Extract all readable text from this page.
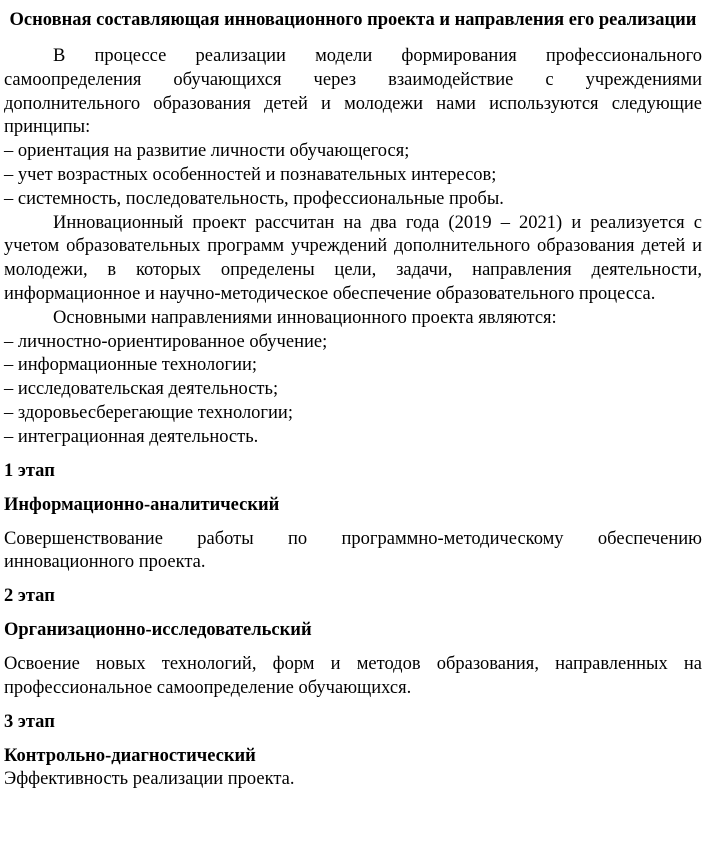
Основная составляющая инновационного проекта и направления его реализации

В процессе реализации модели формирования профессионального самоопределения обучающихся через взаимодействие с учреждениями дополнительного образования детей и молодежи нами используются следующие принципы:

– ориентация на развитие личности обучающегося;

– учет возрастных особенностей и познавательных интересов;

– системность, последовательность, профессиональные пробы.

Инновационный проект рассчитан на два года (2019 – 2021) и реализуется с учетом образовательных программ учреждений дополнительного образования детей и молодежи, в которых определены цели, задачи, направления деятельности, информационное и научно-методическое обеспечение образовательного процесса.

Основными направлениями инновационного проекта являются:

– личностно-ориентированное обучение;

– информационные технологии;

– исследовательская деятельность;

– здоровьесберегающие технологии;

– интеграционная деятельность.

1 этап

Информационно-аналитический

Совершенствование работы по программно-методическому обеспечению инновационного проекта.

2 этап

Организационно-исследовательский

Освоение новых технологий, форм и методов образования, направленных на профессиональное самоопределение обучающихся.

3 этап

Контрольно-диагностический

Эффективность реализации проекта.
